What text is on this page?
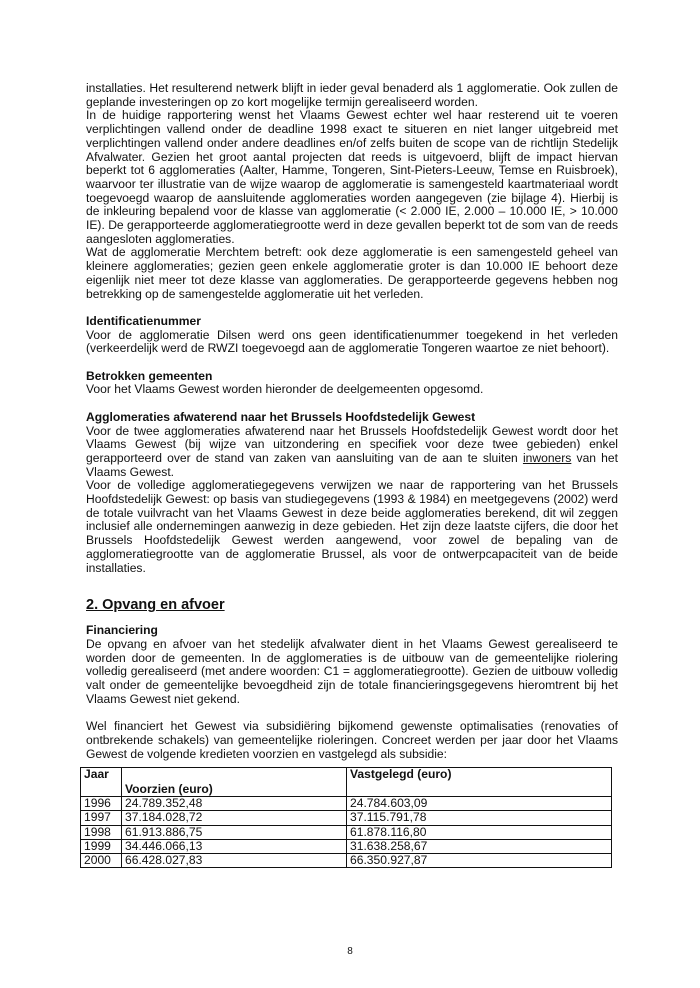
installaties. Het resulterend netwerk blijft in ieder geval benaderd als 1 agglomeratie. Ook zullen de geplande investeringen op zo kort mogelijke termijn gerealiseerd worden.

In de huidige rapportering wenst het Vlaams Gewest echter wel haar resterend uit te voeren verplichtingen vallend onder de deadline 1998 exact te situeren en niet langer uitgebreid met verplichtingen vallend onder andere deadlines en/of zelfs buiten de scope van de richtlijn Stedelijk Afvalwater. Gezien het groot aantal projecten dat reeds is uitgevoerd, blijft de impact hiervan beperkt tot 6 agglomeraties (Aalter, Hamme, Tongeren, Sint-Pieters-Leeuw, Temse en Ruisbroek), waarvoor ter illustratie van de wijze waarop de agglomeratie is samengesteld kaartmateriaal wordt toegevoegd waarop de aansluitende agglomeraties worden aangegeven (zie bijlage 4). Hierbij is de inkleuring bepalend voor de klasse van agglomeratie (< 2.000 IE, 2.000 – 10.000 IE, > 10.000 IE). De gerapporteerde agglomeratiegrootte werd in deze gevallen beperkt tot de som van de reeds aangesloten agglomeraties.

Wat de agglomeratie Merchtem betreft: ook deze agglomeratie is een samengesteld geheel van kleinere agglomeraties; gezien geen enkele agglomeratie groter is dan 10.000 IE behoort deze eigenlijk niet meer tot deze klasse van agglomeraties. De gerapporteerde gegevens hebben nog betrekking op de samengestelde agglomeratie uit het verleden.

Identificatienummer

Voor de agglomeratie Dilsen werd ons geen identificatienummer toegekend in het verleden (verkeerdelijk werd de RWZI toegevoegd aan de agglomeratie Tongeren waartoe ze niet behoort).

Betrokken gemeenten

Voor het Vlaams Gewest worden hieronder de deelgemeenten opgesomd.

Agglomeraties afwaterend naar het Brussels Hoofdstedelijk Gewest

Voor de twee agglomeraties afwaterend naar het Brussels Hoofdstedelijk Gewest wordt door het Vlaams Gewest (bij wijze van uitzondering en specifiek voor deze twee gebieden) enkel gerapporteerd over de stand van zaken van aansluiting van de aan te sluiten inwoners van het Vlaams Gewest.

Voor de volledige agglomeratiegegevens verwijzen we naar de rapportering van het Brussels Hoofdstedelijk Gewest: op basis van studiegegevens (1993 & 1984) en meetgegevens (2002) werd de totale vuilvracht van het Vlaams Gewest in deze beide agglomeraties berekend, dit wil zeggen inclusief alle ondernemingen aanwezig in deze gebieden. Het zijn deze laatste cijfers, die door het Brussels Hoofdstedelijk Gewest werden aangewend, voor zowel de bepaling van de agglomeratiegrootte van de agglomeratie Brussel, als voor de ontwerpcapaciteit van de beide installaties.

2. Opvang en afvoer
Financiering

De opvang en afvoer van het stedelijk afvalwater dient in het Vlaams Gewest gerealiseerd te worden door de gemeenten. In de agglomeraties is de uitbouw van de gemeentelijke riolering volledig gerealiseerd (met andere woorden: C1 = agglomeratiegrootte). Gezien de uitbouw volledig valt onder de gemeentelijke bevoegdheid zijn de totale financieringsgegevens hieromtrent bij het Vlaams Gewest niet gekend.

Wel financiert het Gewest via subsidiëring bijkomend gewenste optimalisaties (renovaties of ontbrekende schakels) van gemeentelijke rioleringen. Concreet werden per jaar door het Vlaams Gewest de volgende kredieten voorzien en vastgelegd als subsidie:

Jaar	Voorzien (euro)	Vastgelegd (euro)
1996	24.789.352,48	24.784.603,09
1997	37.184.028,72	37.115.791,78
1998	61.913.886,75	61.878.116,80
1999	34.446.066,13	31.638.258,67
2000	66.428.027,83	66.350.927,87
8
